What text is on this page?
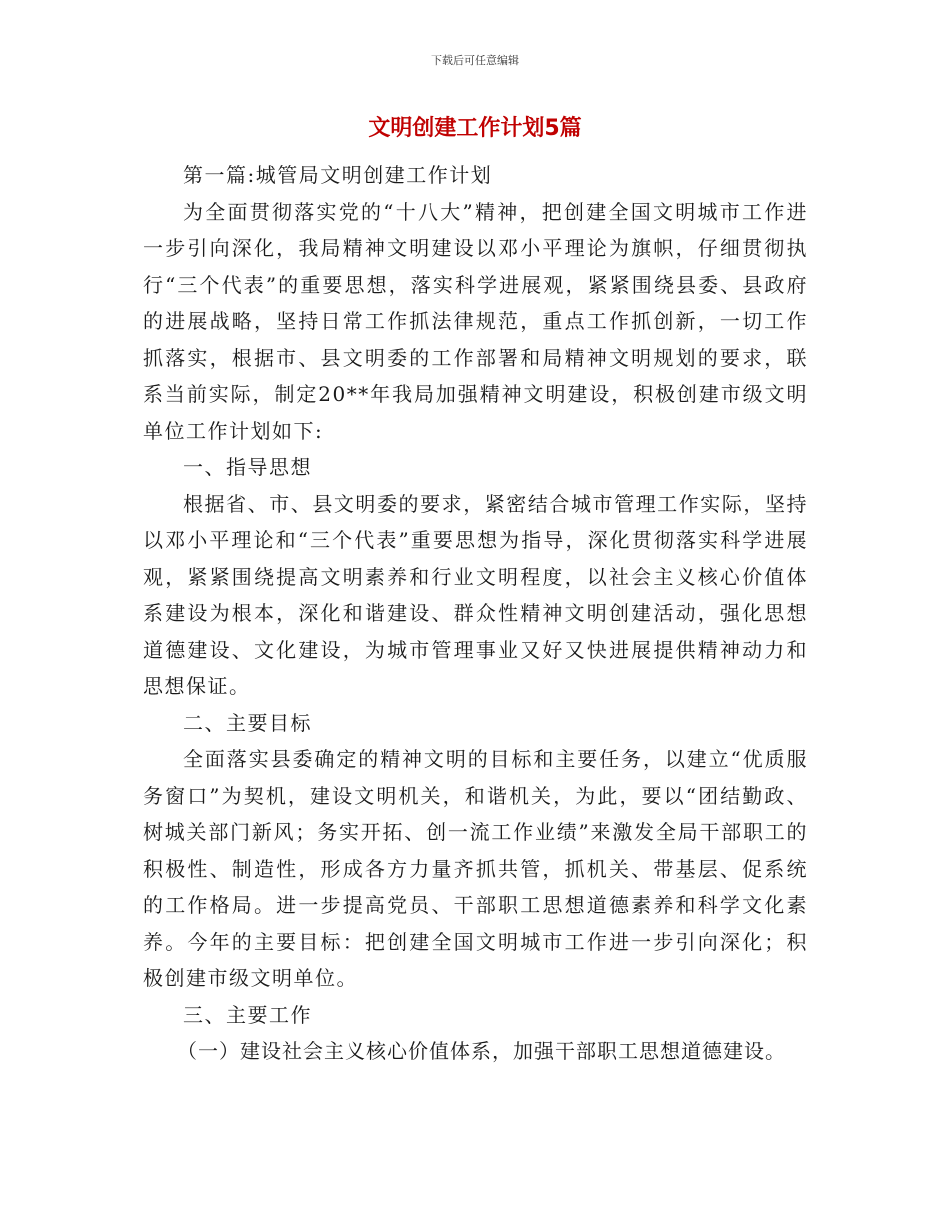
下载后可任意编辑
文明创建工作计划5篇

第一篇:城管局文明创建工作计划

为全面贯彻落实党的“十八大”精神，把创建全国文明城市工作进一步引向深化，我局精神文明建设以邓小平理论为旗帜，仔细贯彻执行“三个代表”的重要思想，落实科学进展观，紧紧围绕县委、县政府的进展战略，坚持日常工作抓法律规范，重点工作抓创新，一切工作抓落实，根据市、县文明委的工作部署和局精神文明规划的要求，联系当前实际，制定20**年我局加强精神文明建设，积极创建市级文明单位工作计划如下:

一、指导思想

根据省、市、县文明委的要求，紧密结合城市管理工作实际，坚持以邓小平理论和“三个代表”重要思想为指导，深化贯彻落实科学进展观，紧紧围绕提高文明素养和行业文明程度，以社会主义核心价值体系建设为根本，深化和谐建设、群众性精神文明创建活动，强化思想道德建设、文化建设，为城市管理事业又好又快进展提供精神动力和思想保证。

二、主要目标

全面落实县委确定的精神文明的目标和主要任务，以建立“优质服务窗口”为契机，建设文明机关，和谐机关，为此，要以“团结勤政、树城关部门新风；务实开拓、创一流工作业绩”来激发全局干部职工的积极性、制造性，形成各方力量齐抓共管，抓机关、带基层、促系统的工作格局。进一步提高党员、干部职工思想道德素养和科学文化素养。今年的主要目标：把创建全国文明城市工作进一步引向深化；积极创建市级文明单位。

三、主要工作

（一）建设社会主义核心价值体系，加强干部职工思想道德建设。
